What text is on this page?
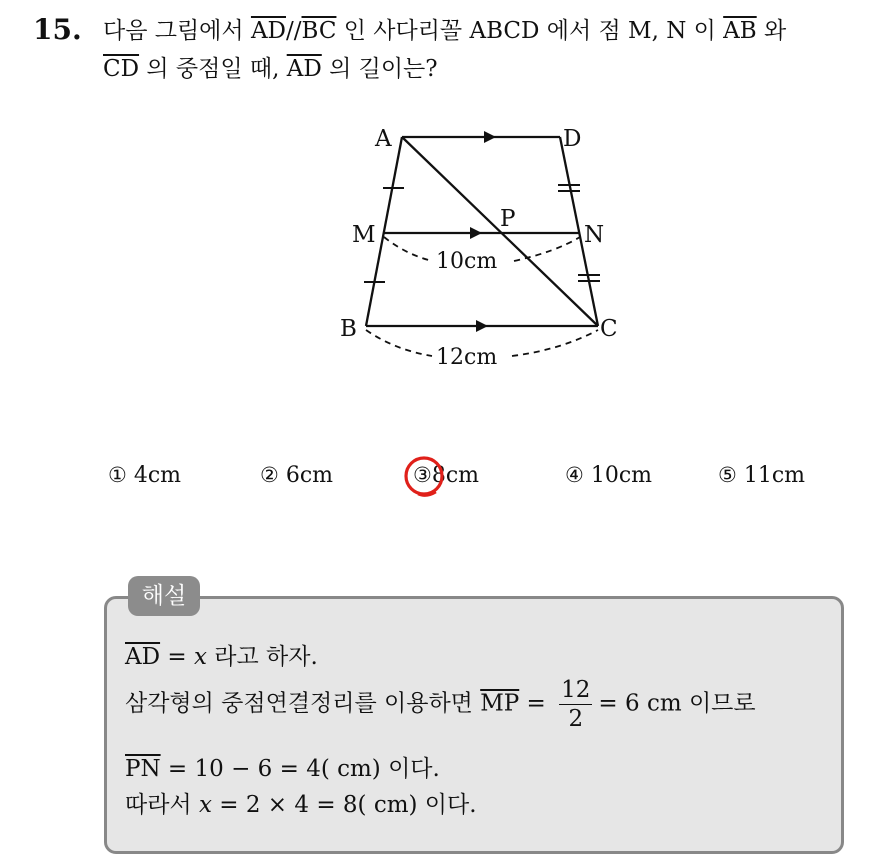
15. 다음 그림에서 $\overline{AD}//\overline{BC}$ 인 사다리꼴 ABCD 에서 점 M, N 이 $\overline{AB}$ 와
$\overline{CD}$ 의 중점일 때, $\overline{AD}$ 의 길이는?
A	D
M
P
N
B	C
10cm
12cm
① 4cm	② 6cm	③8cm	④ 10cm	⑤ 11cm
해설
$\overline{AD} = x$ 라고 하자.
삼각형의 중점연결정리를 이용하면 $\overline{MP} = \frac{12}{2} = 6$ cm 이므로
$\overline{PN} = 10 - 6 = 4$( cm) 이다.
따라서 x = 2 × 4 = 8( cm) 이다.
